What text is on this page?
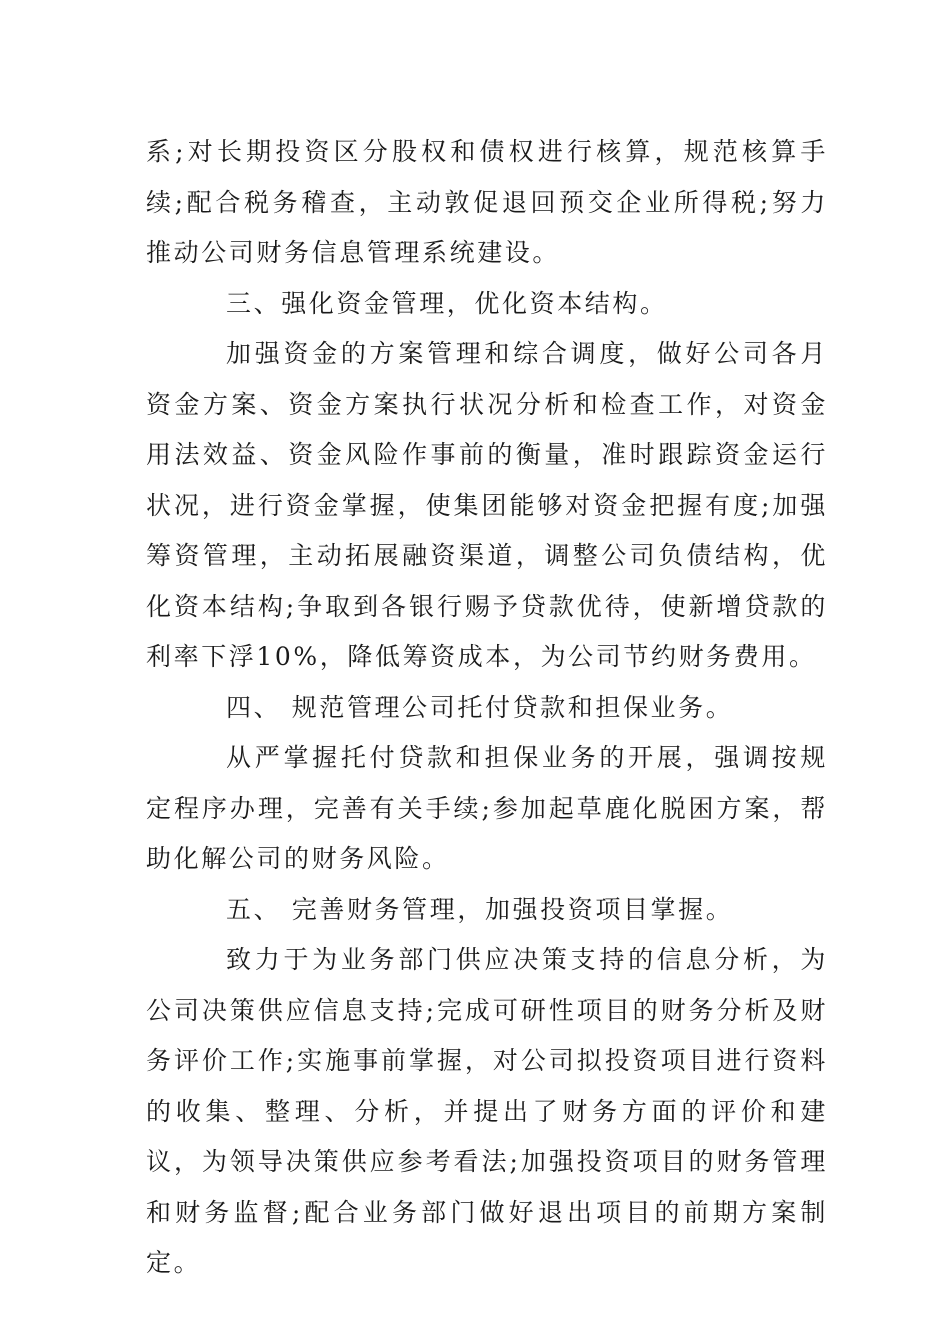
系;对长期投资区分股权和债权进行核算，规范核算手续;配合税务稽查，主动敦促退回预交企业所得税;努力推动公司财务信息管理系统建设。

三、强化资金管理，优化资本结构。

加强资金的方案管理和综合调度，做好公司各月资金方案、资金方案执行状况分析和检查工作，对资金用法效益、资金风险作事前的衡量，准时跟踪资金运行状况，进行资金掌握，使集团能够对资金把握有度;加强筹资管理，主动拓展融资渠道，调整公司负债结构，优化资本结构;争取到各银行赐予贷款优待，使新增贷款的利率下浮10%，降低筹资成本，为公司节约财务费用。

四、 规范管理公司托付贷款和担保业务。

从严掌握托付贷款和担保业务的开展，强调按规定程序办理，完善有关手续;参加起草鹿化脱困方案，帮助化解公司的财务风险。

五、 完善财务管理，加强投资项目掌握。

致力于为业务部门供应决策支持的信息分析，为公司决策供应信息支持;完成可研性项目的财务分析及财务评价工作;实施事前掌握，对公司拟投资项目进行资料的收集、整理、分析，并提出了财务方面的评价和建议，为领导决策供应参考看法;加强投资项目的财务管理和财务监督;配合业务部门做好退出项目的前期方案制定。
